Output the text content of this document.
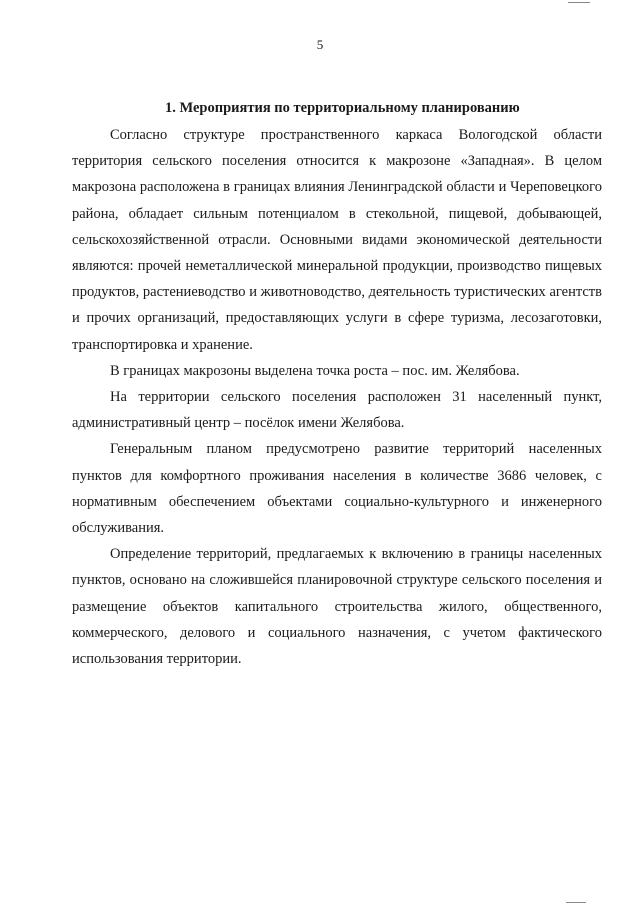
5
1. Мероприятия по территориальному планированию

Согласно структуре пространственного каркаса Вологодской области территория сельского поселения относится к макрозоне «Западная». В целом макрозона расположена в границах влияния Ленинградской области и Череповецкого района, обладает сильным потенциалом в стекольной, пищевой, добывающей, сельскохозяйственной отрасли. Основными видами экономической деятельности являются: прочей неметаллической минеральной продукции, производство пищевых продуктов, растениеводство и животноводство, деятельность туристических агентств и прочих организаций, предоставляющих услуги в сфере туризма, лесозаготовки, транспортировка и хранение.

В границах макрозоны выделена точка роста – пос. им. Желябова.

На территории сельского поселения расположен 31 населенный пункт, административный центр – посёлок имени Желябова.

Генеральным планом предусмотрено развитие территорий населенных пунктов для комфортного проживания населения в количестве 3686 человек, с нормативным обеспечением объектами социально-культурного и инженерного обслуживания.

Определение территорий, предлагаемых к включению в границы населенных пунктов, основано на сложившейся планировочной структуре сельского поселения и размещение объектов капитального строительства жилого, общественного, коммерческого, делового и социального назначения, с учетом фактического использования территории.
